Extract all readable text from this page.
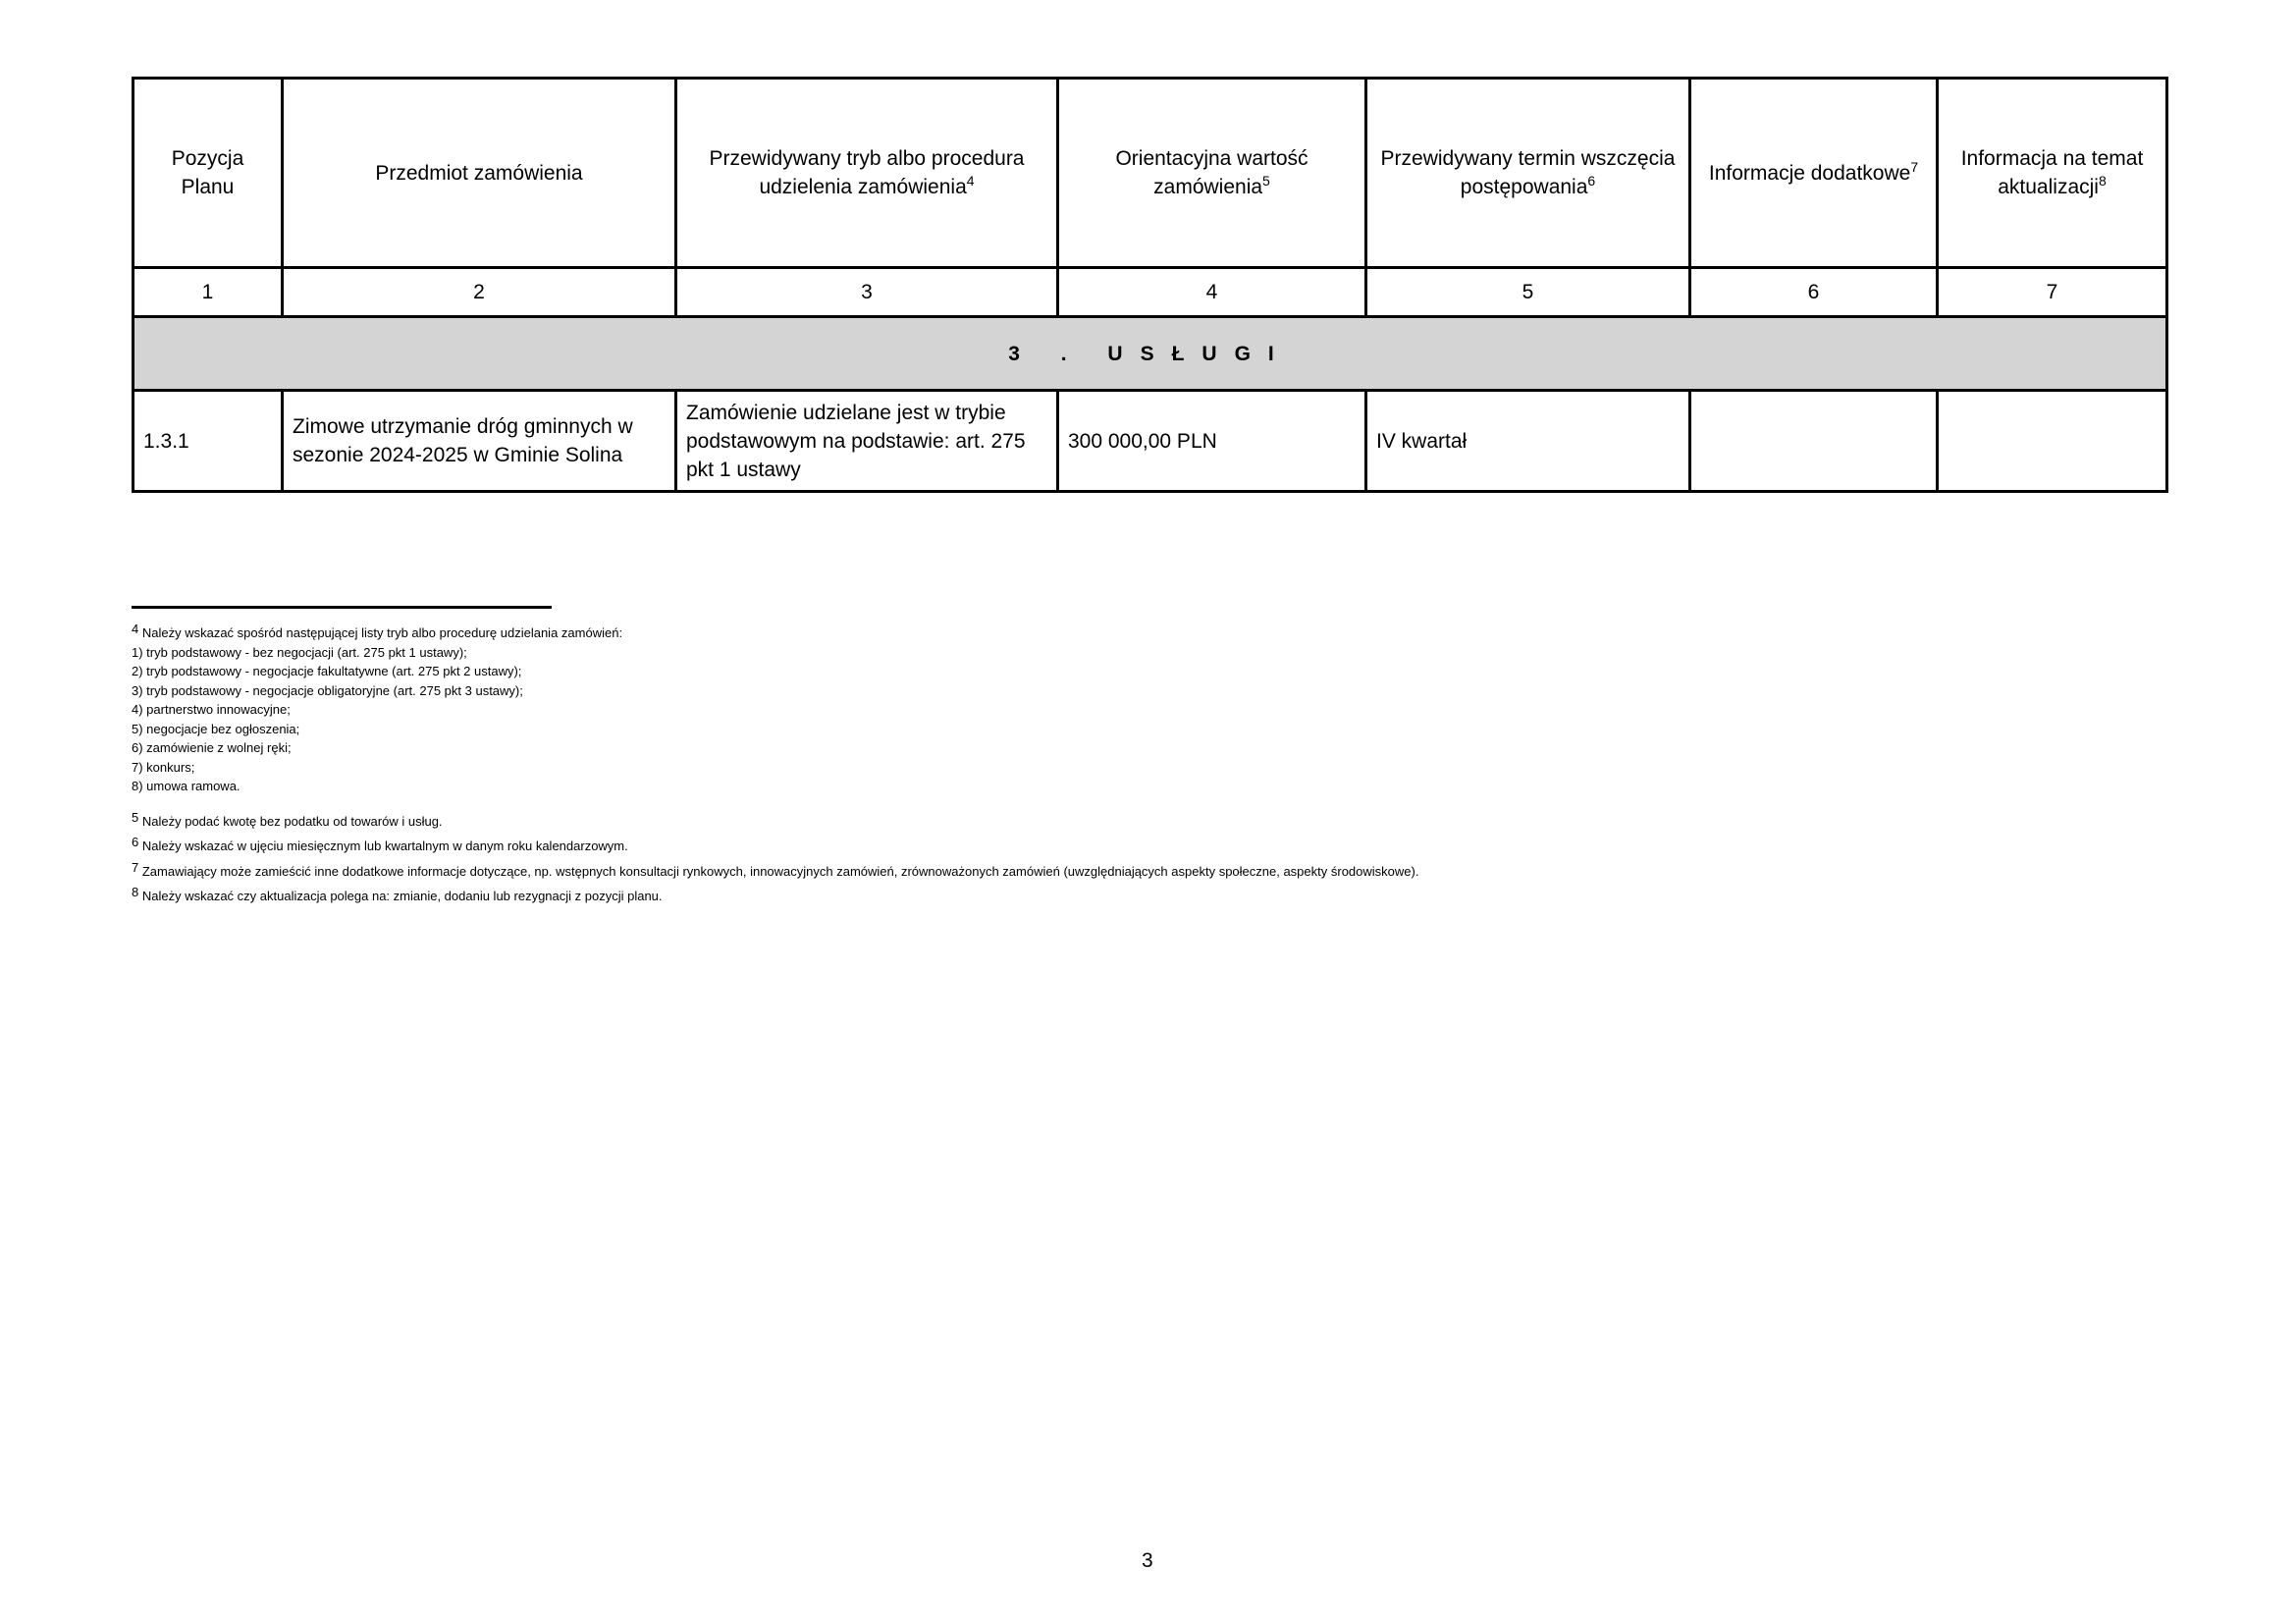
Pozycja Planu	Przedmiot zamówienia	Przewidywany tryb albo procedura udzielenia zamówienia$^4$	Orientacyjna wartość zamówienia$^5$	Przewidywany termin wszczęcia postępowania$^6$	Informacje dodatkowe$^7$	Informacja na temat aktualizacji$^8$
1	2	3	4	5	6	7
3 . USŁUGI						
1.3.1	Zimowe utrzymanie dróg gminnych w sezonie 2024-2025 w Gminie Solina	Zamówienie udzielane jest w trybie podstawowym na podstawie: art. 275 pkt 1 ustawy	300 000,00 PLN	IV kwartał		

$^4$ Należy wskazać spośród następującej listy tryb albo procedurę udzielania zamówień:

1) tryb podstawowy - bez negocjacji (art. 275 pkt 1 ustawy);
2) tryb podstawowy - negocjacje fakultatywne (art. 275 pkt 2 ustawy);
3) tryb podstawowy - negocjacje obligatoryjne (art. 275 pkt 3 ustawy);
4) partnerstwo innowacyjne;
5) negocjacje bez ogłoszenia;
6) zamówienie z wolnej ręki;
7) konkurs;
8) umowa ramowa.

$^5$ Należy podać kwotę bez podatku od towarów i usług.

$^6$ Należy wskazać w ujęciu miesięcznym lub kwartalnym w danym roku kalendarzowym.

$^7$ Zamawiający może zamieścić inne dodatkowe informacje dotyczące, np. wstępnych konsultacji rynkowych, innowacyjnych zamówień, zrównoważonych zamówień (uwzględniających aspekty społeczne, aspekty środowiskowe).

$^8$ Należy wskazać czy aktualizacja polega na: zmianie, dodaniu lub rezygnacji z pozycji planu.

3
